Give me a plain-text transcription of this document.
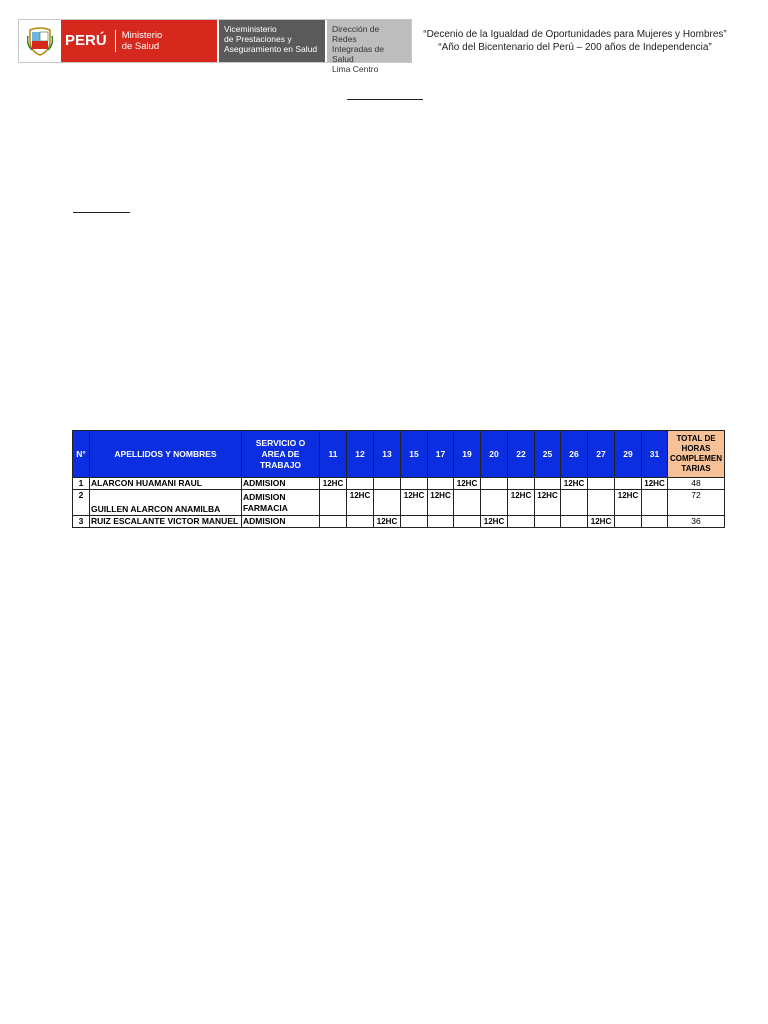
PERÚ	Ministerio
de Salud
Viceministerio
de Prestaciones y
Aseguramiento en Salud
Dirección de Redes
Integradas de Salud
Lima Centro
“Decenio de la Igualdad de Oportunidades para Mujeres y Hombres”
“Año del Bicentenario del Perú – 200 años de Independencia”
N°	APELLIDOS Y NOMBRES	SERVICIO O AREA DE TRABAJO	11	12	13	15	17	19	20	22	25	26	27	29	31	TOTAL DE HORAS COMPLEMEN TARIAS
1	ALARCON HUAMANI RAUL	ADMISION	12HC					12HC				12HC			12HC	48
2	GUILLEN ALARCON ANAMILBA	ADMISION
FARMACIA		12HC		12HC	12HC			12HC	12HC			12HC		72
3	RUIZ ESCALANTE VICTOR MANUEL	ADMISION			12HC				12HC				12HC			36
